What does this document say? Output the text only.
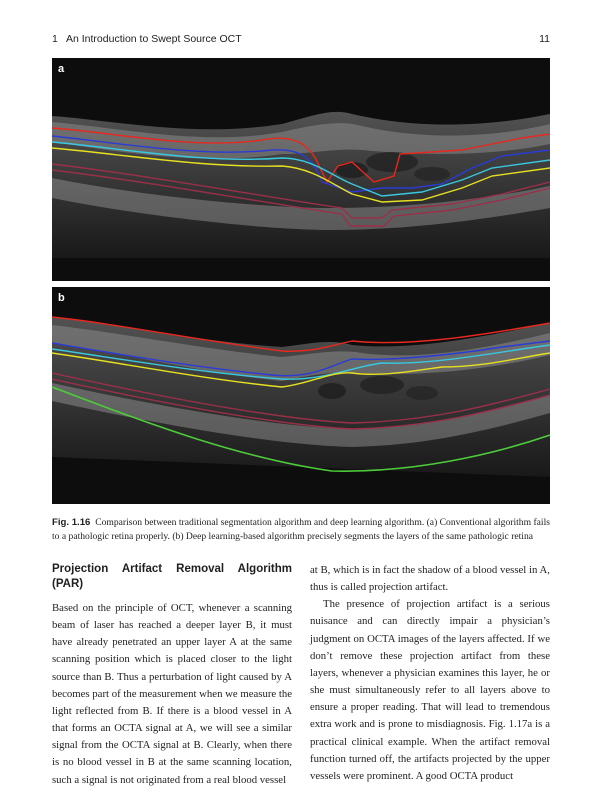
1 An Introduction to Swept Source OCT	11
a
b
Fig. 1.16 Comparison between traditional segmentation algorithm and deep learning algorithm. (a) Conventional algorithm fails to a pathologic retina properly. (b) Deep learning-based algorithm precisely segments the layers of the same pathologic retina

Projection Artifact Removal Algorithm (PAR)

Based on the principle of OCT, whenever a scanning beam of laser has reached a deeper layer B, it must have already penetrated an upper layer A at the same scanning position which is placed closer to the light source than B. Thus a perturbation of light caused by A becomes part of the measurement when we measure the light reflected from B. If there is a blood vessel in A that forms an OCTA signal at A, we will see a similar signal from the OCTA signal at B. Clearly, when there is no blood vessel in B at the same scanning location, such a signal is not originated from a real blood vessel

at B, which is in fact the shadow of a blood vessel in A, thus is called projection artifact.

The presence of projection artifact is a serious nuisance and can directly impair a physician’s judgment on OCTA images of the layers affected. If we don’t remove these projection artifact from these layers, whenever a physician examines this layer, he or she must simultaneously refer to all layers above to ensure a proper reading. That will lead to tremendous extra work and is prone to misdiagnosis. Fig. 1.17a is a practical clinical example. When the artifact removal function turned off, the artifacts projected by the upper vessels were prominent. A good OCTA product
